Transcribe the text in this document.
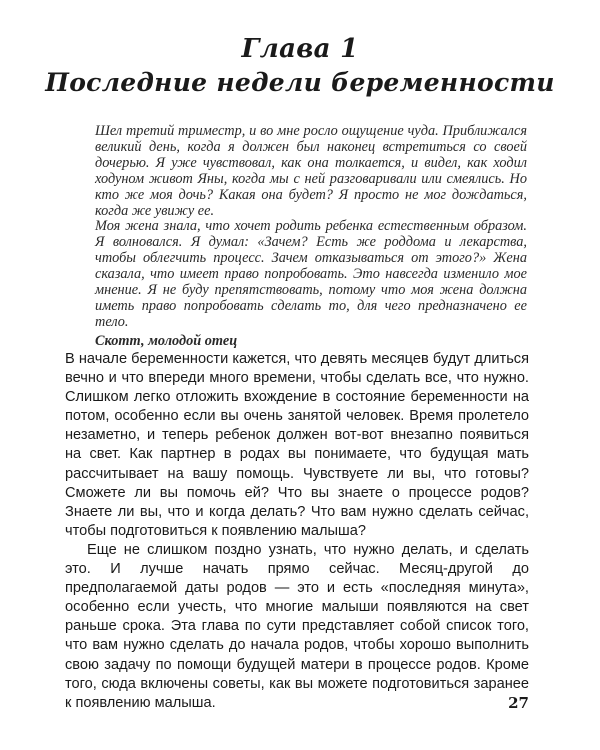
Глава 1
Последние недели беременности

Шел третий триместр, и во мне росло ощущение чуда. Приближался великий день, когда я должен был наконец встретиться со своей дочерью. Я уже чувствовал, как она толкается, и видел, как ходил ходуном живот Яны, когда мы с ней разговаривали или смеялись. Но кто же моя дочь? Какая она будет? Я просто не мог дождаться, когда же увижу ее.

Моя жена знала, что хочет родить ребенка естественным образом. Я волновался. Я думал: «Зачем? Есть же роддома и лекарства, чтобы облегчить процесс. Зачем отказываться от этого?» Жена сказала, что имеет право попробовать. Это навсегда изменило мое мнение. Я не буду препятствовать, потому что моя жена должна иметь право попробовать сделать то, для чего предназначено ее тело.

Скотт, молодой отец

В начале беременности кажется, что девять месяцев будут длиться вечно и что впереди много времени, чтобы сделать все, что нужно. Слишком легко отложить вхождение в состояние беременности на потом, особенно если вы очень занятой человек. Время пролетело незаметно, и теперь ребенок должен вот-вот внезапно появиться на свет. Как партнер в родах вы понимаете, что будущая мать рассчитывает на вашу помощь. Чувствуете ли вы, что готовы? Сможете ли вы помочь ей? Что вы знаете о процессе родов? Знаете ли вы, что и когда делать? Что вам нужно сделать сейчас, чтобы подготовиться к появлению малыша?

Еще не слишком поздно узнать, что нужно делать, и сделать это. И лучше начать прямо сейчас. Месяц-другой до предполагаемой даты родов — это и есть «последняя минута», особенно если учесть, что многие малыши появляются на свет раньше срока. Эта глава по сути представляет собой список того, что вам нужно сделать до начала родов, чтобы хорошо выполнить свою задачу по помощи будущей матери в процессе родов. Кроме того, сюда включены советы, как вы можете подготовиться заранее к появлению малыша.	27
